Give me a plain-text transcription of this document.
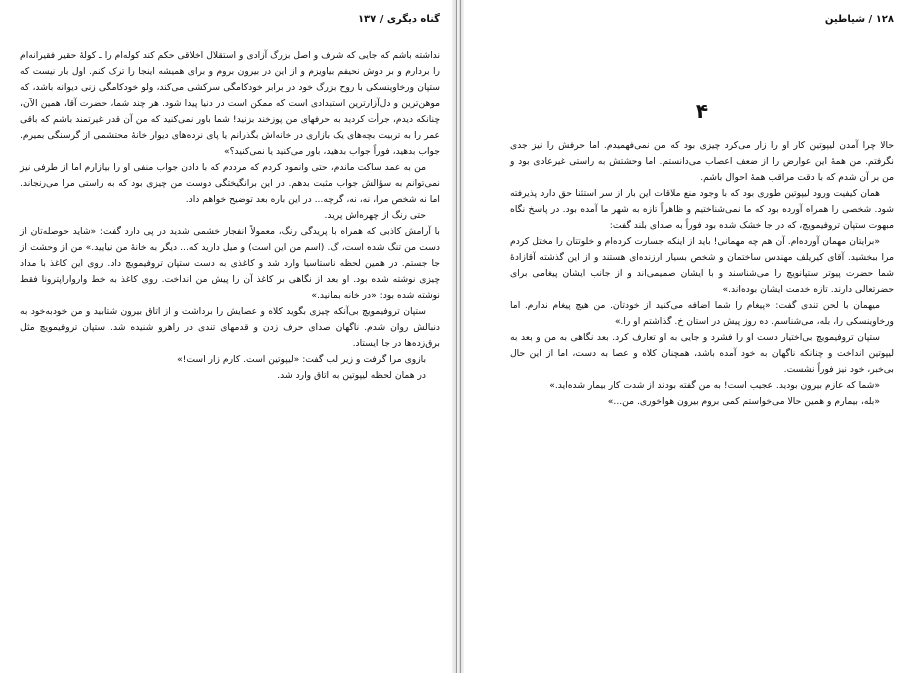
گناه دیگری / ۱۳۷

نداشته باشم که جایی که شرف و اصل بزرگ آزادی و استقلال اخلاقی حکم کند کولەام را ـ کولهٔ حقیر فقیرانەام را بردارم و بر دوش نحیفم بیاویزم و از این در بیرون بروم و برای همیشه اینجا را ترک کنم. اول بار نیست که ستپان ورخاوینسکی با روح بزرگ خود در برابر خودکامگی سرکشی می‌کند، ولو خودکامگی زنی دیوانه باشد، که موهن‌ترین و دل‌آزارترین استبدادی است که ممکن است در دنیا پیدا شود. هر چند شما، حضرت آقا، همین الآن، چنانکه دیدم، جرأت کردید به حرفهای من پوزخند بزنید! شما باور نمی‌کنید که من آن قدر غیرتمند باشم که باقی عمر را به تربیت بچه‌های یک بازاری در خانه‌اش بگذرانم یا پای نرده‌های دیوار خانهٔ محتشمی از گرسنگی بمیرم. جواب بدهید، فوراً جواب بدهید، باور می‌کنید یا نمی‌کنید؟»

من به عمد ساکت ماندم، حتی وانمود کردم که مرددم که با دادن جواب منفی او را بیازارم اما از طرفی نیز نمی‌توانم به سؤالش جواب مثبت بدهم. در این برانگیختگی دوست من چیزی بود که به راستی مرا می‌رنجاند. اما نه شخص مرا، نه، نه، گرچه... در این باره بعد توضیح خواهم داد.

حتی رنگ از چهره‌اش پرید.

با آرامش کاذبی که همراه با پریدگی رنگ، معمولاً انفجار خشمی شدید در پی دارد گفت: «شاید حوصله‌تان از دست من تنگ شده است، گ. (اسم من این است) و میل دارید که... دیگر به خانهٔ من نیایید.» من از وحشت از جا جستم. در همین لحظه ناستاسیا وارد شد و کاغذی به دست ستپان تروفیمویچ داد. روی این کاغذ با مداد چیزی نوشته شده بود. او بعد از نگاهی بر کاغذ آن را پیش من انداخت. روی کاغذ به خط وارواراپترونا فقط نوشته شده بود: «در خانه بمانید.»

ستپان تروفیمویچ بی‌آنکه چیزی بگوید کلاه و عصایش را برداشت و از اتاق بیرون شتابید و من خودبه‌خود به دنبالش روان شدم. ناگهان صدای حرف زدن و قدمهای تندی در راهرو شنیده شد. ستپان تروفیمویچ مثل برق‌زده‌ها در جا ایستاد.

بازوی مرا گرفت و زیر لب گفت: «لیپوتین است. کارم زار است!»

در همان لحظه لیپوتین به اتاق وارد شد.

۱۲۸ / شیاطین
۴

حالا چرا آمدن لیپوتین کار او را زار می‌کرد چیزی بود که من نمی‌فهمیدم. اما حرفش را نیز جدی نگرفتم. من همهٔ این عوارض را از ضعف اعصاب می‌دانستم. اما وحشتش به راستی غیرعادی بود و من بر آن شدم که با دقت مراقب همهٔ احوال باشم.

همان کیفیت ورود لیپوتین طوری بود که با وجود منع ملاقات این بار از سر استثنا حق دارد پذیرفته شود. شخصی را همراه آورده بود که ما نمی‌شناختیم و ظاهراً تازه به شهر ما آمده بود. در پاسخ نگاه مبهوت ستپان تروفیمویچ، که در جا خشک شده بود فوراً به صدای بلند گفت:

«برایتان مهمان آورده‌ام. آن هم چه مهمانی! باید از اینکه جسارت کرده‌ام و خلوتتان را مختل کردم مرا ببخشید. آقای کیریلف مهندس ساختمان و شخص بسیار ارزنده‌ای هستند و از این گذشته آقازادهٔ شما حضرت پیوتر ستپانویچ را می‌شناسند و با ایشان صمیمی‌اند و از جانب ایشان پیغامی برای حضرتعالی دارند. تازه خدمت ایشان بوده‌اند.»

میهمان با لحن تندی گفت: «پیغام را شما اضافه می‌کنید از خودتان. من هیچ پیغام ندارم. اما ورخاوینسکی را، بله، می‌شناسم. ده روز پیش در استان خ. گذاشتم او را.»

ستپان تروفیمویچ بی‌اختیار دست او را فشرد و جایی به او تعارف کرد. بعد نگاهی به من و بعد به لیپوتین انداخت و چنانکه ناگهان به خود آمده باشد، همچنان کلاه و عصا به دست، اما از این حال بی‌خبر، خود نیز فوراً نشست.

«شما که عازم بیرون بودید. عجیب است! به من گفته بودند از شدت کار بیمار شده‌اید.»

«بله، بیمارم و همین حالا می‌خواستم کمی بروم بیرون هواخوری. من...»
